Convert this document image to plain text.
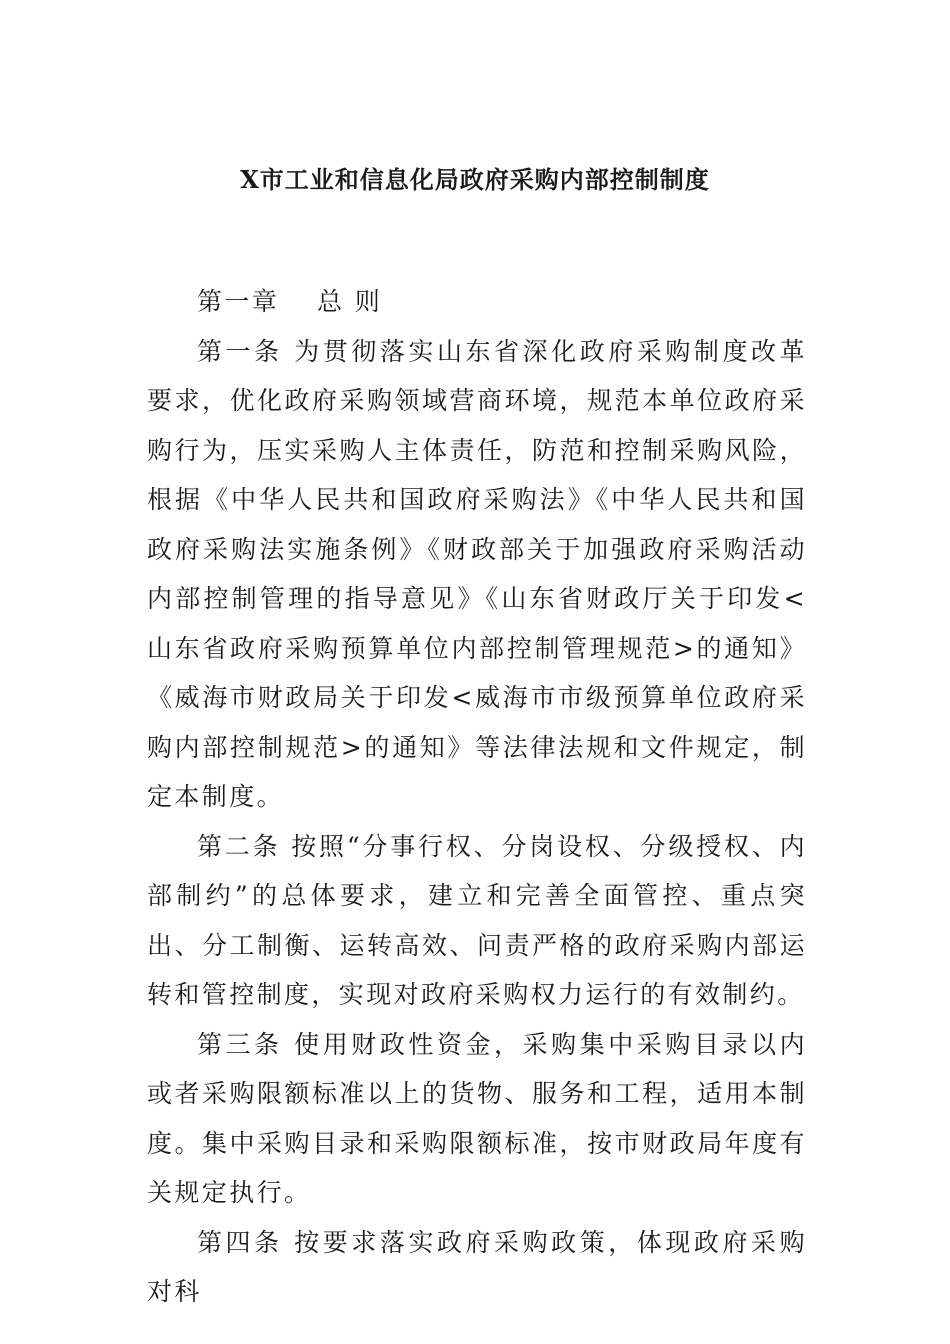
X市工业和信息化局政府采购内部控制制度

第一章　 总 则

第一条 为贯彻落实山东省深化政府采购制度改革要求，优化政府采购领域营商环境，规范本单位政府采购行为，压实采购人主体责任，防范和控制采购风险，根据《中华人民共和国政府采购法》《中华人民共和国政府采购法实施条例》《财政部关于加强政府采购活动内部控制管理的指导意见》《山东省财政厅关于印发<山东省政府采购预算单位内部控制管理规范>的通知》《威海市财政局关于印发<威海市市级预算单位政府采购内部控制规范>的通知》等法律法规和文件规定，制定本制度。

第二条 按照“分事行权、分岗设权、分级授权、内部制约”的总体要求，建立和完善全面管控、重点突出、分工制衡、运转高效、问责严格的政府采购内部运转和管控制度，实现对政府采购权力运行的有效制约。

第三条 使用财政性资金，采购集中采购目录以内或者采购限额标准以上的货物、服务和工程，适用本制度。集中采购目录和采购限额标准，按市财政局年度有关规定执行。

第四条 按要求落实政府采购政策，体现政府采购对科
